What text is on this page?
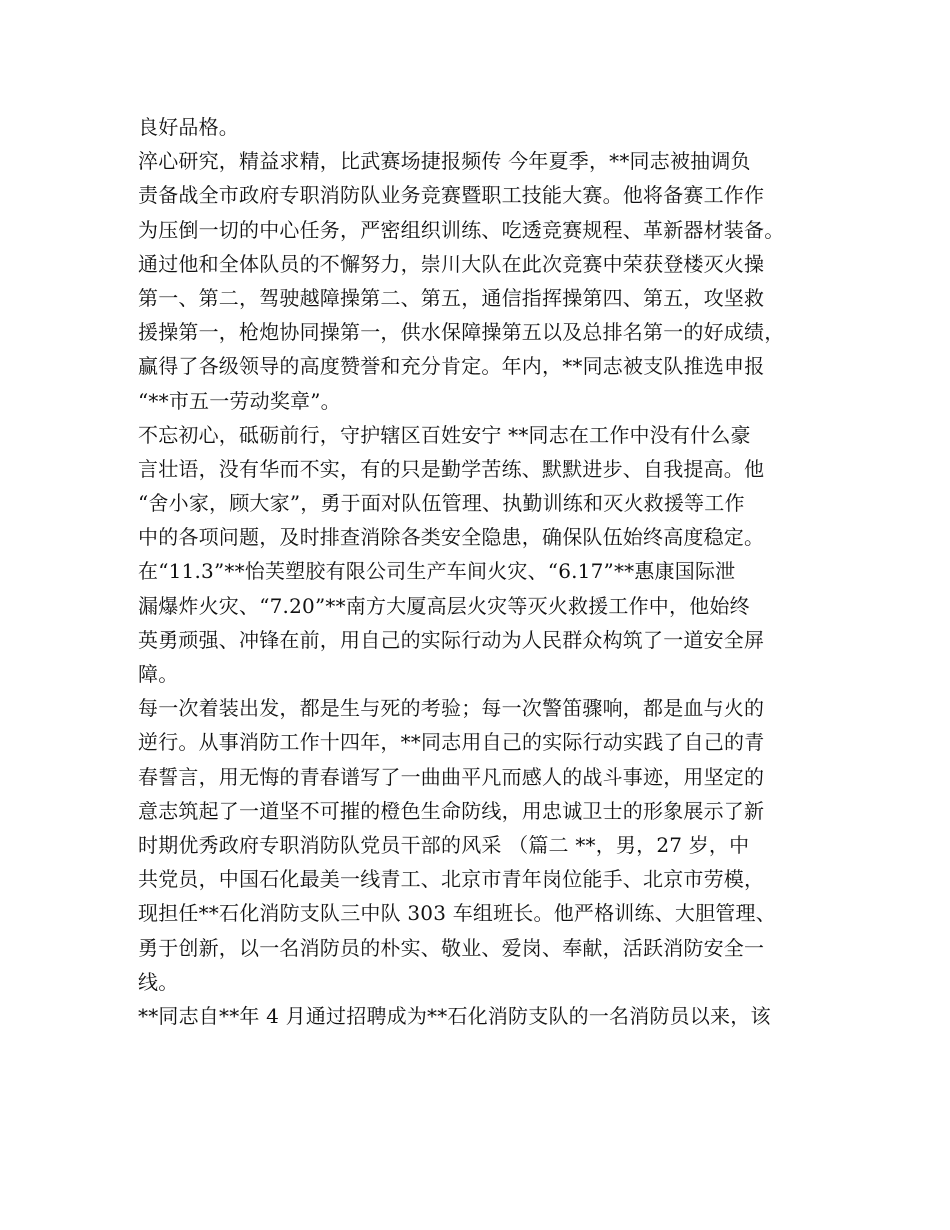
良好品格。
淬心研究，精益求精，比武赛场捷报频传 今年夏季，**同志被抽调负
责备战全市政府专职消防队业务竞赛暨职工技能大赛。他将备赛工作作
为压倒一切的中心任务，严密组织训练、吃透竞赛规程、革新器材装备。
通过他和全体队员的不懈努力，崇川大队在此次竞赛中荣获登楼灭火操
第一、第二，驾驶越障操第二、第五，通信指挥操第四、第五，攻坚救
援操第一，枪炮协同操第一，供水保障操第五以及总排名第一的好成绩，
赢得了各级领导的高度赞誉和充分肯定。年内，**同志被支队推选申报
“**市五一劳动奖章”。
不忘初心，砥砺前行，守护辖区百姓安宁 **同志在工作中没有什么豪
言壮语，没有华而不实，有的只是勤学苦练、默默进步、自我提高。他
“舍小家，顾大家”，勇于面对队伍管理、执勤训练和灭火救援等工作
中的各项问题，及时排查消除各类安全隐患，确保队伍始终高度稳定。
在“11.3”**怡芙塑胶有限公司生产车间火灾、“6.17”**惠康国际泄
漏爆炸火灾、“7.20”**南方大厦高层火灾等灭火救援工作中，他始终
英勇顽强、冲锋在前，用自己的实际行动为人民群众构筑了一道安全屏
障。
每一次着装出发，都是生与死的考验；每一次警笛骤响，都是血与火的
逆行。从事消防工作十四年，**同志用自己的实际行动实践了自己的青
春誓言，用无悔的青春谱写了一曲曲平凡而感人的战斗事迹，用坚定的
意志筑起了一道坚不可摧的橙色生命防线，用忠诚卫士的形象展示了新
时期优秀政府专职消防队党员干部的风采 （篇二 **，男，27 岁，中
共党员，中国石化最美一线青工、北京市青年岗位能手、北京市劳模，
现担任**石化消防支队三中队 303 车组班长。他严格训练、大胆管理、
勇于创新，以一名消防员的朴实、敬业、爱岗、奉献，活跃消防安全一
线。
**同志自**年 4 月通过招聘成为**石化消防支队的一名消防员以来，该
